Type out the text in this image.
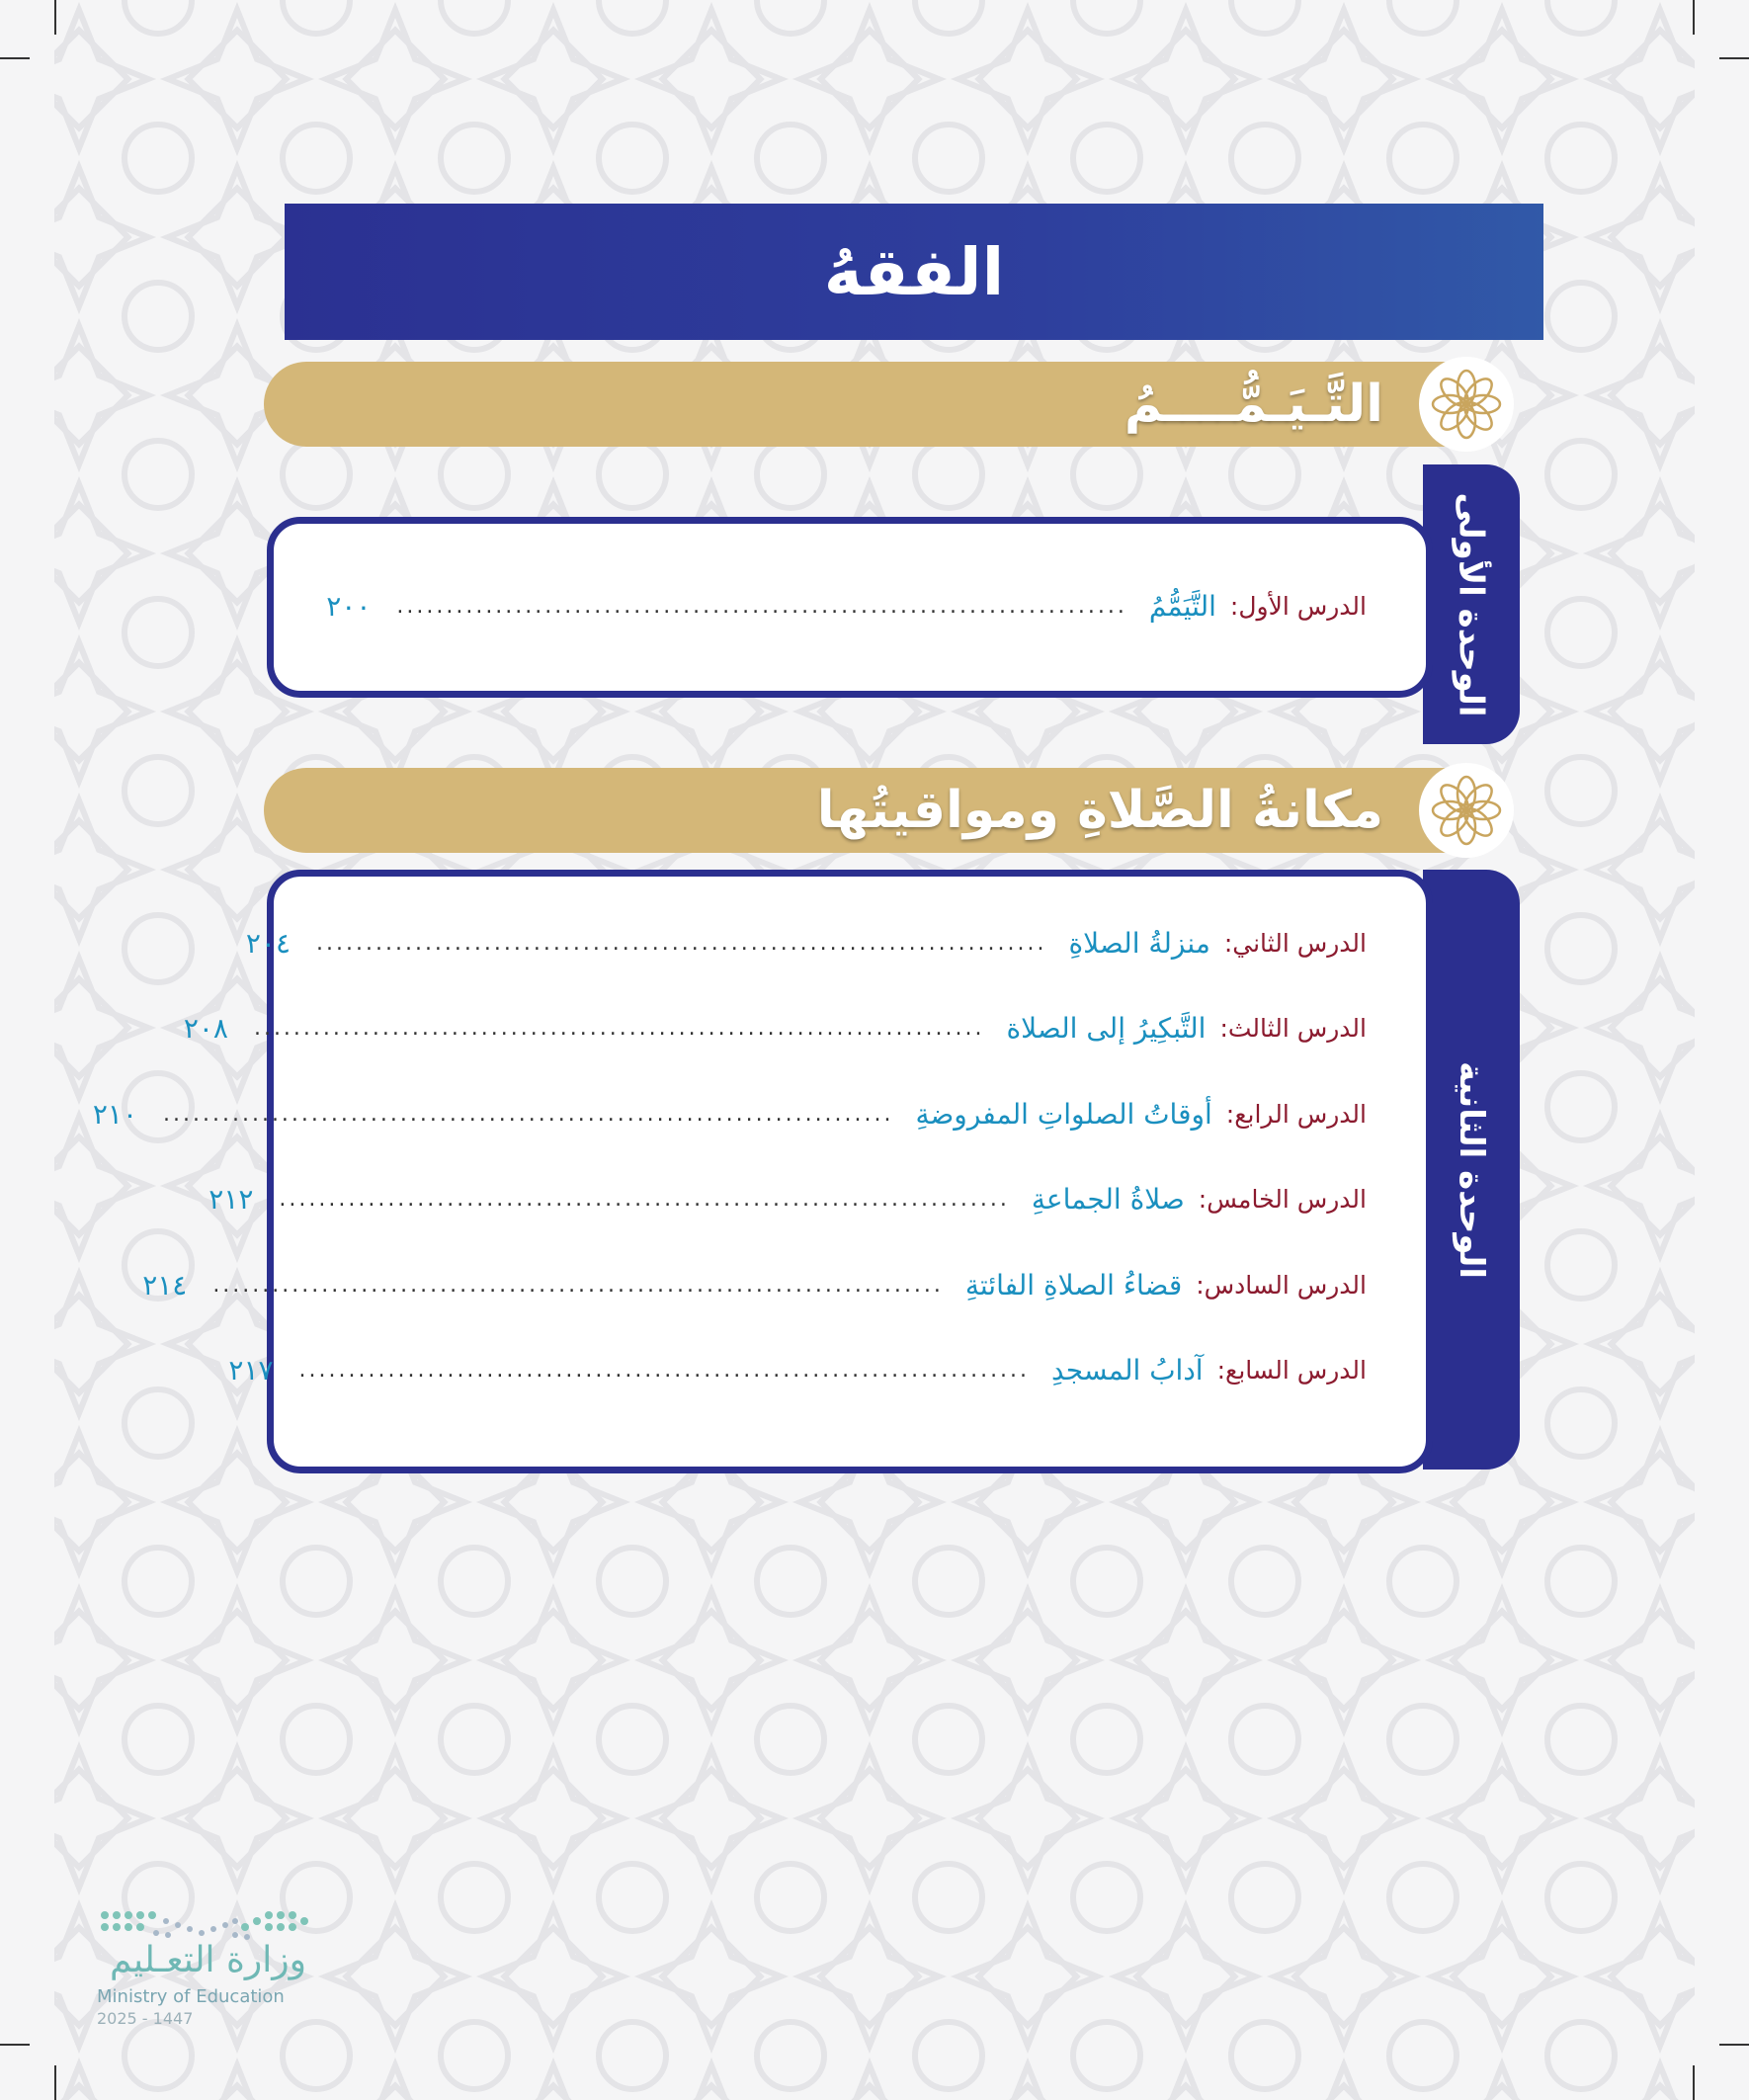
الفقهُ
التَّـيَـمُّــــمُ
الوحدة الأولى
الدرس الأول:
التَّيَمُّمُ
..........................................................................
٢٠٠
مكانةُ الصَّلاةِ ومواقيتُها
الوحدة الثانية
الدرس الثاني:
منزلةُ الصلاةِ
..........................................................................
٢٠٤
الدرس الثالث:
التَّبكِيرُ إلى الصلاة
..........................................................................
٢٠٨
الدرس الرابع:
أوقاتُ الصلواتِ المفروضةِ
..........................................................................
٢١٠
الدرس الخامس:
صلاةُ الجماعةِ
..........................................................................
٢١٢
الدرس السادس:
قضاءُ الصلاةِ الفائتةِ
..........................................................................
٢١٤
الدرس السابع:
آدابُ المسجدِ
..........................................................................
٢١٧
وزارة التعـليم
Ministry of Education
2025 - 1447
